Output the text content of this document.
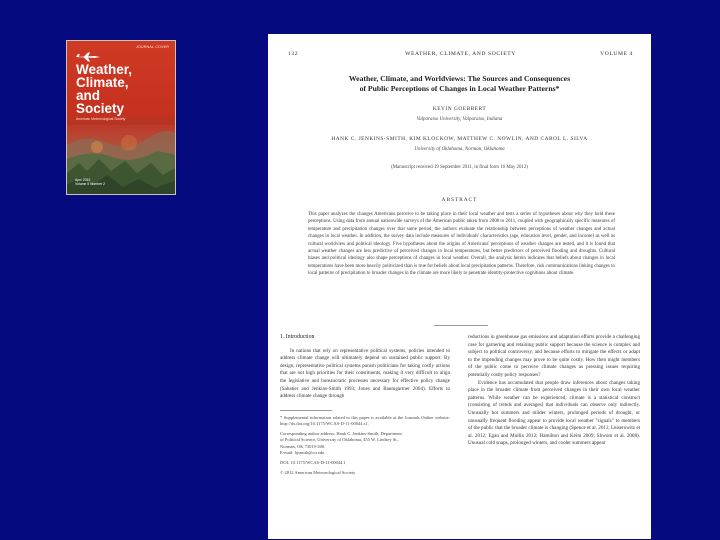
JOURNAL COVER
Weather,
Climate,
and
Society
American Meteorological Society
April 2013
Volume 5 Number 2
132	WEATHER, CLIMATE, AND SOCIETY	VOLUME 4
Weather, Climate, and Worldviews: The Sources and Consequences
of Public Perceptions of Changes in Local Weather Patterns*
KEVIN GOEBBERT
Valparaiso University, Valparaiso, Indiana
HANK C. JENKINS-SMITH, KIM KLOCKOW, MATTHEW C. NOWLIN, AND CAROL L. SILVA
University of Oklahoma, Norman, Oklahoma
(Manuscript received 19 September 2011, in final form 16 May 2012)
ABSTRACT

This paper analyzes the changes Americans perceive to be taking place in their local weather and tests a series of hypotheses about why they hold these perceptions. Using data from annual nationwide surveys of the American public taken from 2008 to 2011, coupled with geographically specific measures of temperature and precipitation changes over that same period, the authors evaluate the relationship between perceptions of weather changes and actual changes in local weather. In addition, the survey data include measures of individuals' characteristics (age, education level, gender, and income) as well as cultural worldview and political ideology. Five hypotheses about the origins of Americans' perceptions of weather changes are tested, and it is found that actual weather changes are less predictive of perceived changes in local temperatures, but better predictors of perceived flooding and droughts. Cultural biases and political ideology also shape perceptions of changes in local weather. Overall, the analysis herein indicates that beliefs about changes in local temperatures have been more heavily politicized than is true for beliefs about local precipitation patterns. Therefore, risk communications linking changes to local patterns of precipitation to broader changes in the climate are more likely to penetrate identity-protective cognitions about climate.

1. Introduction

In nations that rely on representative political systems, policies intended to address climate change will ultimately depend on sustained public support. By design, representative political systems punish politicians for taking costly actions that are not high priorities for their constituents, making it very difficult to align the legislative and bureaucratic processes necessary for effective policy change (Sabatier and Jenkins-Smith 1993; Jones and Baumgartner 2004). Efforts to address climate change through

* Supplemental information related to this paper is available at the Journals Online website: http://dx.doi.org/10.1175/WCAS-D-11-00044.s1.
Corresponding author address: Hank C. Jenkins-Smith, Department
of Political Science, University of Oklahoma, 455 W. Lindsey St.,
Norman, OK 73019-200.
E-mail: hjsmith@ou.edu
DOI: 10.1175/WCAS-D-11-00044.1
© 2012 American Meteorological Society

reductions in greenhouse gas emissions and adaptation efforts provide a challenging case for garnering and retaining public support because the science is complex and subject to political controversy, and because efforts to mitigate the effects or adapt to the impending changes may prove to be quite costly. How then might members of the public come to perceive climate changes as pressing issues requiring potentially costly policy responses?

Evidence has accumulated that people draw inferences about changes taking place in the broader climate from perceived changes in their own local weather patterns. While weather can be experienced, climate is a statistical construct (consisting of trends and averages) that individuals can observe only indirectly. Unusually hot summers and milder winters, prolonged periods of drought, or unusually frequent flooding appear to provide local weather "signals" to members of the public that the broader climate is changing (Spence et al. 2011; Leiserowitz et al. 2012; Egan and Mullin 2012; Hamilton and Keim 2009; Shwom et al. 2008). Unusual cold snaps, prolonged winters, and cooler summers appear
